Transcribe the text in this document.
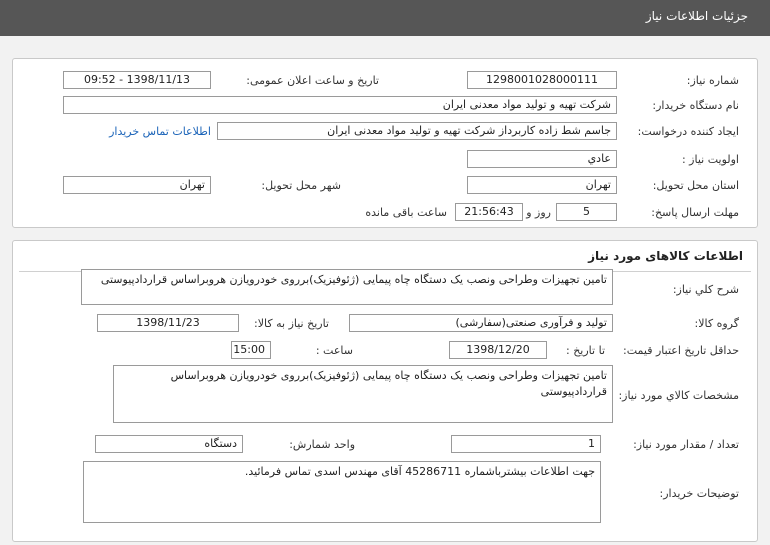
جزئیات اطلاعات نیاز
شماره نیاز:
1298001028000111
تاریخ و ساعت اعلان عمومی:
1398/11/13 - 09:52
نام دستگاه خریدار:
شرکت تهیه و تولید مواد معدنی ایران
ایجاد کننده درخواست:
جاسم شط زاده کاربرداز شرکت تهیه و تولید مواد معدنی ایران
اطلاعات تماس خریدار
اولویت نیاز :
عادي
استان محل تحویل:
تهران
شهر محل تحویل:
تهران
مهلت ارسال پاسخ:
5
روز و
21:56:43
ساعت باقی مانده
اطلاعات کالاهای مورد نیاز
شرح کلي نیاز:
تامین تجهیزات وطراحی ونصب یک دستگاه چاه پیمایی (ژئوفیزیک)برروی خودرویازن هروبراساس قراردادپیوستی
گروه کالا:
تولید و فرآوری صنعتی(سفارشی)
تاریخ نیاز به کالا:
1398/11/23
حداقل تاریخ اعتبار قیمت:
تا تاریخ :
1398/12/20
ساعت :
15:00
مشخصات کالاي مورد نیاز:
تامین تجهیزات وطراحی ونصب یک دستگاه چاه پیمایی (ژئوفیزیک)برروی خودرویازن هروبراساس قراردادپیوستی
تعداد / مقدار مورد نیاز:
1
واحد شمارش:
دستگاه
توضیحات خریدار:
جهت اطلاعات بیشترباشماره 45286711 آقای مهندس اسدی تماس فرمائید.
